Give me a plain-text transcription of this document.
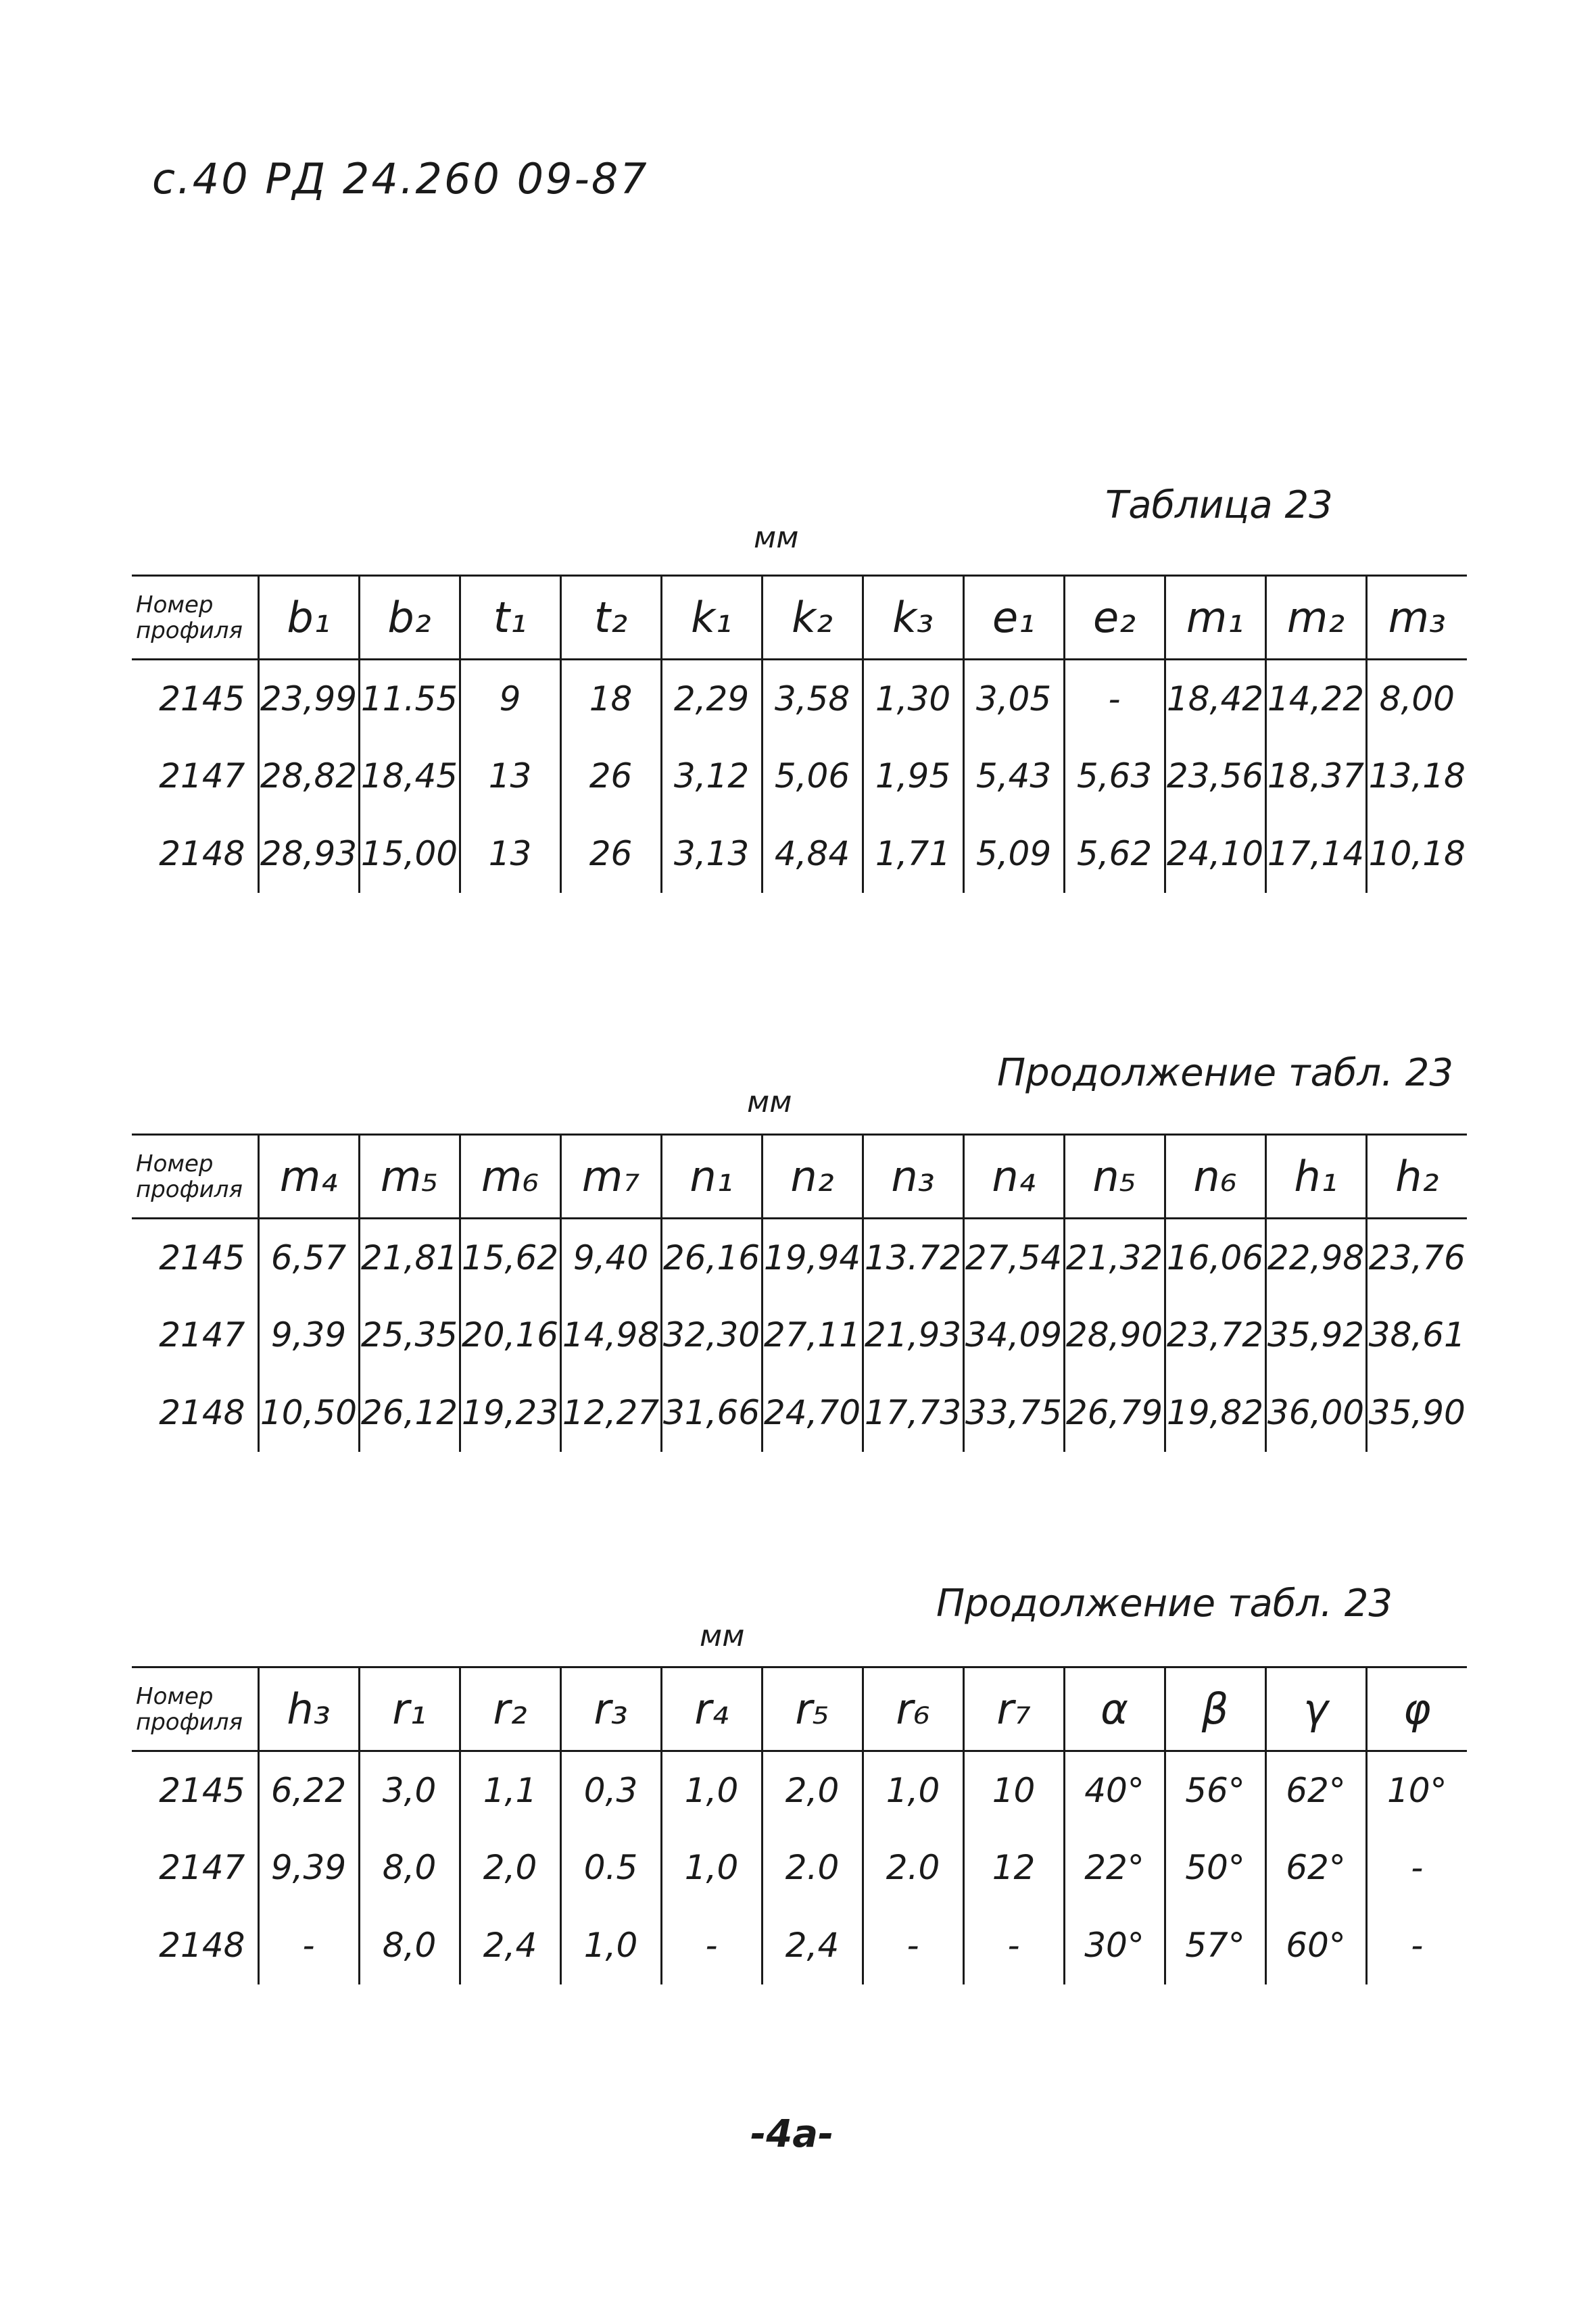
с.40 РД 24.260 09-87
Таблица 23
мм
Номер
профиля	b₁	b₂	t₁	t₂	k₁	k₂	k₃	e₁	e₂	m₁	m₂	m₃
2145	23,99	11.55	9	18	2,29	3,58	1,30	3,05	-	18,42	14,22	8,00
2147	28,82	18,45	13	26	3,12	5,06	1,95	5,43	5,63	23,56	18,37	13,18
2148	28,93	15,00	13	26	3,13	4,84	1,71	5,09	5,62	24,10	17,14	10,18
Продолжение табл. 23
мм
Номер
профиля	m₄	m₅	m₆	m₇	n₁	n₂	n₃	n₄	n₅	n₆	h₁	h₂
2145	6,57	21,81	15,62	9,40	26,16	19,94	13.72	27,54	21,32	16,06	22,98	23,76
2147	9,39	25,35	20,16	14,98	32,30	27,11	21,93	34,09	28,90	23,72	35,92	38,61
2148	10,50	26,12	19,23	12,27	31,66	24,70	17,73	33,75	26,79	19,82	36,00	35,90
Продолжение табл. 23
мм
Номер
профиля	h₃	r₁	r₂	r₃	r₄	r₅	r₆	r₇	α	β	γ	φ
2145	6,22	3,0	1,1	0,3	1,0	2,0	1,0	10	40°	56°	62°	10°
2147	9,39	8,0	2,0	0.5	1,0	2.0	2.0	12	22°	50°	62°	-
2148	-	8,0	2,4	1,0	-	2,4	-	-	30°	57°	60°	-
-4a-
